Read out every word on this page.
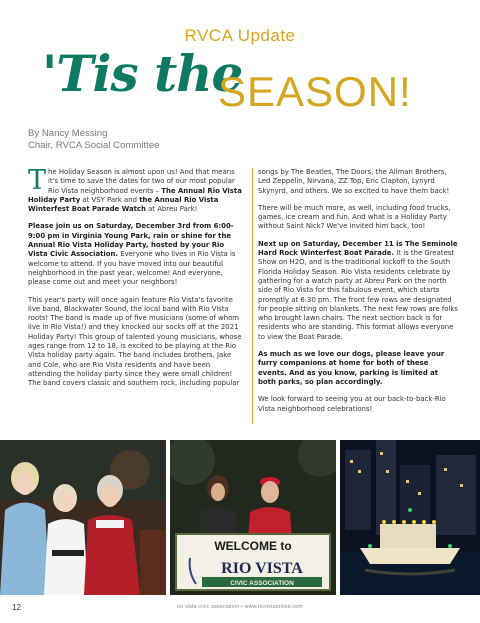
RVCA Update
'Tis the
SEASON!
By Nancy Messing
Chair, RVCA Social Committee

The Holiday Season is almost upon us! And that means it's time to save the dates for two of our most popular Rio Vista neighborhood events – The Annual Rio Vista Holiday Party at VSY Park and the Annual Rio Vista Winterfest Boat Parade Watch at Abreu Park!

Please join us on Saturday, December 3rd from 6:00-9:00 pm in Virginia Young Park, rain or shine for the Annual Rio Vista Holiday Party, hosted by your Rio Vista Civic Association. Everyone who lives in Rio Vista is welcome to attend. If you have moved into our beautiful neighborhood in the past year, welcome! And everyone, please come out and meet your neighbors!

This year's party will once again feature Rio Vista's favorite live band, Blackwater Sound, the local band with Rio Vista roots! The band is made up of five musicians (some of whom live in Rio Vista!) and they knocked our socks off at the 2021 Holiday Party! This group of talented young musicians, whose ages range from 12 to 18, is excited to be playing at the Rio Vista holiday party again. The band includes brothers, Jake and Cole, who are Rio Vista residents and have been attending the holiday party since they were small children! The band covers classic and southern rock, including popular

songs by The Beatles, The Doors, the Allman Brothers, Led Zeppelin, Nirvana, ZZ Top, Eric Clapton, Lynyrd Skynyrd, and others. We so excited to have them back!

There will be much more, as well, including food trucks, games, ice cream and fun. And what is a Holiday Party without Saint Nick? We've invited him back, too!

Next up on Saturday, December 11 is The Seminole Hard Rock Winterfest Boat Parade. It is the Greatest Show on H2O, and is the traditional kickoff to the South Florida Holiday Season. Rio Vista residents celebrate by gathering for a watch party at Abreu Park on the north side of Rio Vista for this fabulous event, which starts promptly at 6:30 pm. The front few rows are designated for people sitting on blankets. The next few rows are folks who brought lawn chairs. The next section back is for residents who are standing. This format allows everyone to view the Boat Parade.

As much as we love our dogs, please leave your furry companions at home for both of these events. And as you know, parking is limited at both parks, so plan accordingly.

We look forward to seeing you at our back-to-back-Rio Vista neighborhood celebrations!

WELCOME to
RIO VISTA
CIVIC ASSOCIATION
12	rio vista civic association • www.riovistaonline.com
